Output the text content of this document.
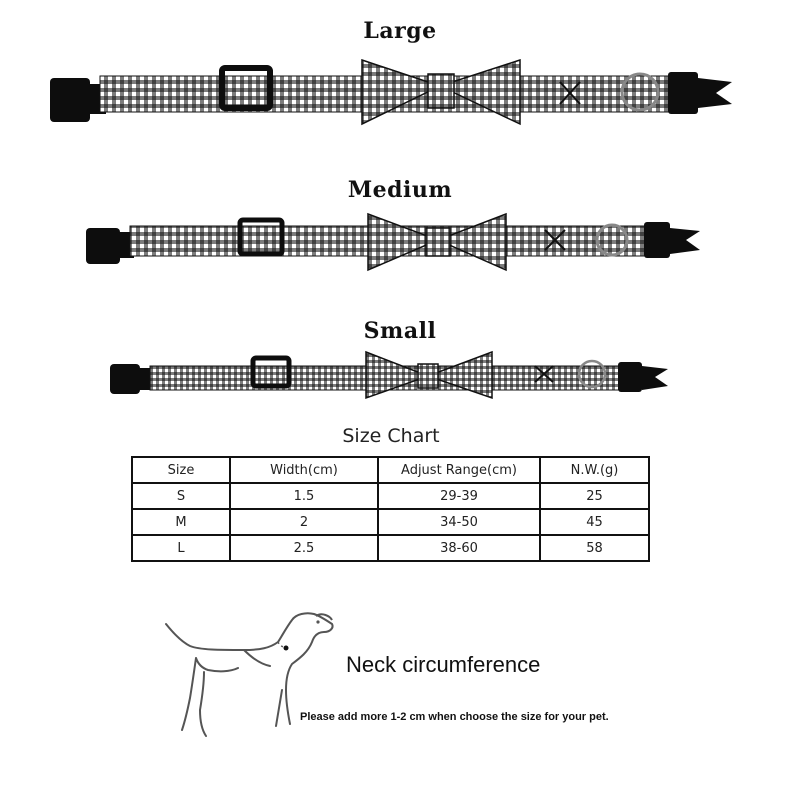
Large
Medium
Small
Size Chart
Size	Width(cm)	Adjust Range(cm)	N.W.(g)
S	1.5	29-39	25
M	2	34-50	45
L	2.5	38-60	58
Neck circumference
Please add more 1-2 cm when choose the size for your pet.
